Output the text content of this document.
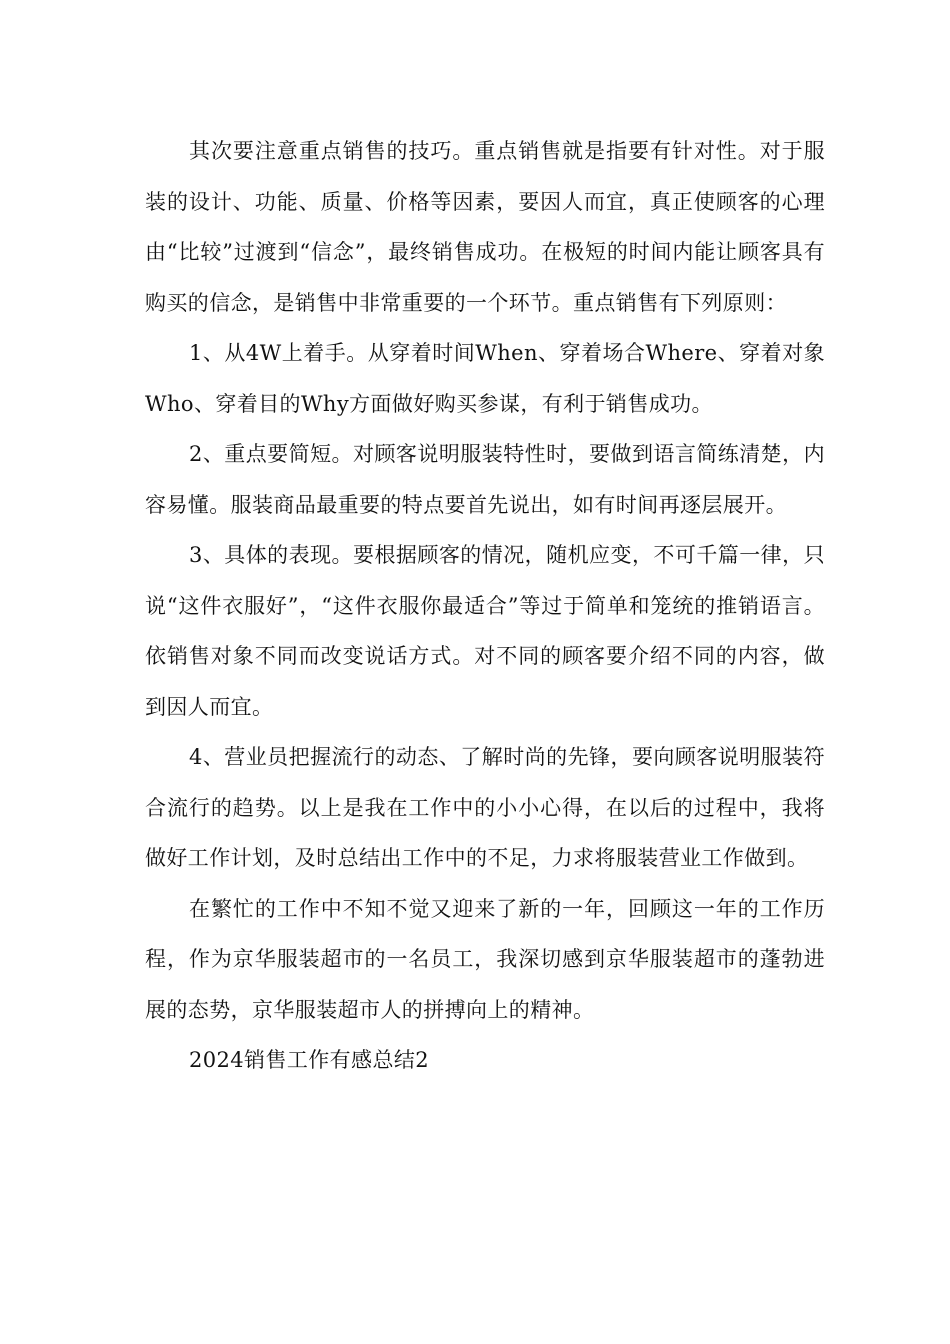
其次要注意重点销售的技巧。重点销售就是指要有针对性。对于服装的设计、功能、质量、价格等因素，要因人而宜，真正使顾客的心理由“比较”过渡到“信念”，最终销售成功。在极短的时间内能让顾客具有购买的信念，是销售中非常重要的一个环节。重点销售有下列原则：

1、从4W上着手。从穿着时间When、穿着场合Where、穿着对象Who、穿着目的Why方面做好购买参谋，有利于销售成功。

2、重点要简短。对顾客说明服装特性时，要做到语言简练清楚，内容易懂。服装商品最重要的特点要首先说出，如有时间再逐层展开。

3、具体的表现。要根据顾客的情况，随机应变，不可千篇一律，只说“这件衣服好”，“这件衣服你最适合”等过于简单和笼统的推销语言。依销售对象不同而改变说话方式。对不同的顾客要介绍不同的内容，做到因人而宜。

4、营业员把握流行的动态、了解时尚的先锋，要向顾客说明服装符合流行的趋势。以上是我在工作中的小小心得，在以后的过程中，我将做好工作计划，及时总结出工作中的不足，力求将服装营业工作做到。

在繁忙的工作中不知不觉又迎来了新的一年，回顾这一年的工作历程，作为京华服装超市的一名员工，我深切感到京华服装超市的蓬勃进展的态势，京华服装超市人的拼搏向上的精神。

2024销售工作有感总结2
